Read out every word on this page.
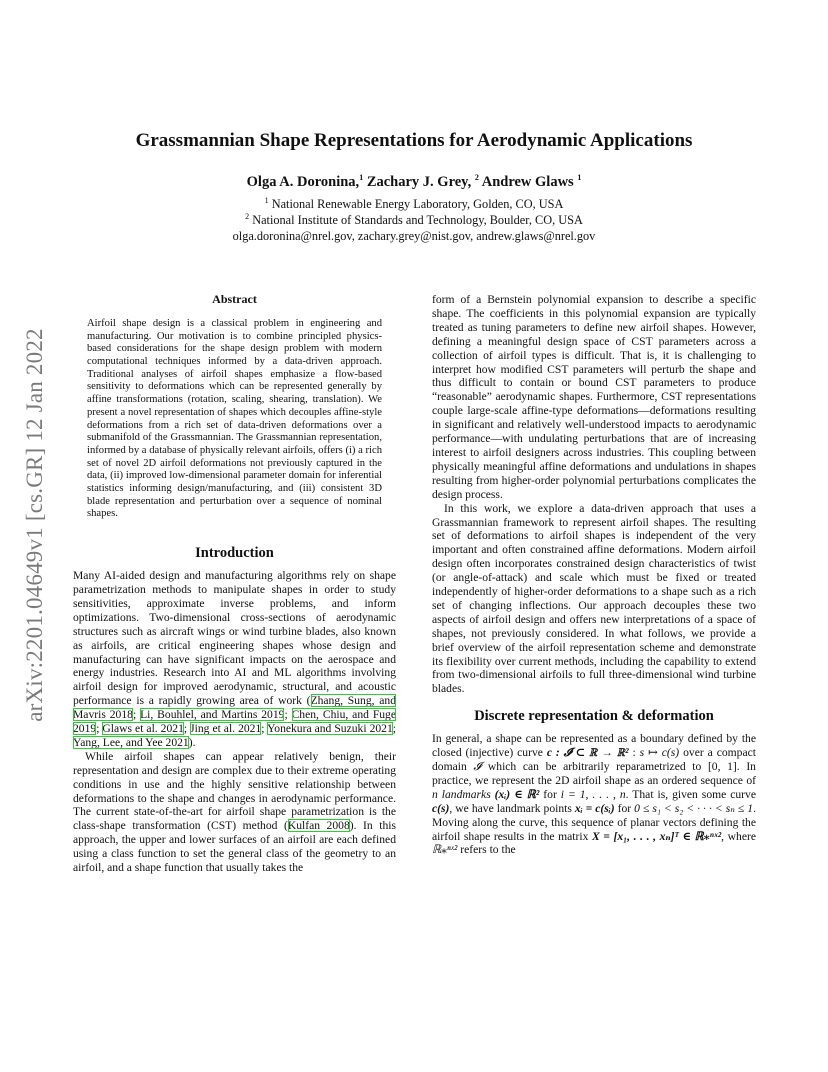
arXiv:2201.04649v1 [cs.GR] 12 Jan 2022
Grassmannian Shape Representations for Aerodynamic Applications
Olga A. Doronina,$^1$ Zachary J. Grey, $^2$ Andrew Glaws $^1$
$^1$ National Renewable Energy Laboratory, Golden, CO, USA
$^2$ National Institute of Standards and Technology, Boulder, CO, USA
olga.doronina@nrel.gov, zachary.grey@nist.gov, andrew.glaws@nrel.gov
Abstract

Airfoil shape design is a classical problem in engineering and manufacturing. Our motivation is to combine principled physics-based considerations for the shape design problem with modern computational techniques informed by a data-driven approach. Traditional analyses of airfoil shapes emphasize a flow-based sensitivity to deformations which can be represented generally by affine transformations (rotation, scaling, shearing, translation). We present a novel representation of shapes which decouples affine-style deformations from a rich set of data-driven deformations over a submanifold of the Grassmannian. The Grassmannian representation, informed by a database of physically relevant airfoils, offers (i) a rich set of novel 2D airfoil deformations not previously captured in the data, (ii) improved low-dimensional parameter domain for inferential statistics informing design/manufacturing, and (iii) consistent 3D blade representation and perturbation over a sequence of nominal shapes.

Introduction

Many AI-aided design and manufacturing algorithms rely on shape parametrization methods to manipulate shapes in order to study sensitivities, approximate inverse problems, and inform optimizations. Two-dimensional cross-sections of aerodynamic structures such as aircraft wings or wind turbine blades, also known as airfoils, are critical engineering shapes whose design and manufacturing can have significant impacts on the aerospace and energy industries. Research into AI and ML algorithms involving airfoil design for improved aerodynamic, structural, and acoustic performance is a rapidly growing area of work (Zhang, Sung, and Mavris 2018; Li, Bouhlel, and Martins 2019; Chen, Chiu, and Fuge 2019; Glaws et al. 2021; Jing et al. 2021; Yonekura and Suzuki 2021; Yang, Lee, and Yee 2021).

While airfoil shapes can appear relatively benign, their representation and design are complex due to their extreme operating conditions in use and the highly sensitive relationship between deformations to the shape and changes in aerodynamic performance. The current state-of-the-art for airfoil shape parametrization is the class-shape transformation (CST) method (Kulfan 2008). In this approach, the upper and lower surfaces of an airfoil are each defined using a class function to set the general class of the geometry to an airfoil, and a shape function that usually takes the

form of a Bernstein polynomial expansion to describe a specific shape. The coefficients in this polynomial expansion are typically treated as tuning parameters to define new airfoil shapes. However, defining a meaningful design space of CST parameters across a collection of airfoil types is difficult. That is, it is challenging to interpret how modified CST parameters will perturb the shape and thus difficult to contain or bound CST parameters to produce “reasonable” aerodynamic shapes. Furthermore, CST representations couple large-scale affine-type deformations—deformations resulting in significant and relatively well-understood impacts to aerodynamic performance—with undulating perturbations that are of increasing interest to airfoil designers across industries. This coupling between physically meaningful affine deformations and undulations in shapes resulting from higher-order polynomial perturbations complicates the design process.

In this work, we explore a data-driven approach that uses a Grassmannian framework to represent airfoil shapes. The resulting set of deformations to airfoil shapes is independent of the very important and often constrained affine deformations. Modern airfoil design often incorporates constrained design characteristics of twist (or angle-of-attack) and scale which must be fixed or treated independently of higher-order deformations to a shape such as a rich set of changing inflections. Our approach decouples these two aspects of airfoil design and offers new interpretations of a space of shapes, not previously considered. In what follows, we provide a brief overview of the airfoil representation scheme and demonstrate its flexibility over current methods, including the capability to extend from two-dimensional airfoils to full three-dimensional wind turbine blades.

Discrete representation & deformation

In general, a shape can be represented as a boundary defined by the closed (injective) curve c : 𝓘 ⊂ ℝ → ℝ² : s ↦ c(s) over a compact domain 𝓘 which can be arbitrarily reparametrized to [0, 1]. In practice, we represent the 2D airfoil shape as an ordered sequence of n landmarks (xᵢ) ∈ ℝ² for i = 1, . . . , n. That is, given some curve c(s), we have landmark points xᵢ = c(sᵢ) for 0 ≤ s₁ < s₂ < · · · < sₙ ≤ 1. Moving along the curve, this sequence of planar vectors defining the airfoil shape results in the matrix X = [x₁, . . . , xₙ]ᵀ ∈ ℝ⁎ⁿˣ², where ℝ⁎ⁿˣ² refers to the
